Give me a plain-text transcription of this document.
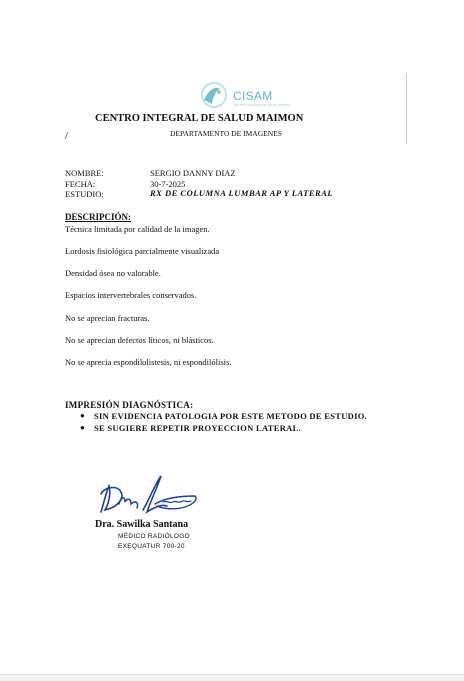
CISAM
CENTRO INTEGRAL DE SALUD MAIMON
CENTRO INTEGRAL DE SALUD MAIMON
/	DEPARTAMENTO DE IMAGENES
NOMBRE:	SERGIO DANNY DIAZ
FECHA:	30-7-2025
ESTUDIO:	RX DE COLUMNA LUMBAR AP Y LATERAL
DESCRIPCIÓN:
Técnica limitada por calidad de la imagen.
Lordosis fisiológica parcialmente visualizada
Densidad ósea no valorable.
Espacios intervertebrales conservados.
No se aprecian fracturas.
No se aprecian defectos líticos, ni blásticos.
No se aprecia espondilolistesis, ni espondilólisis.
IMPRESIÓN DIAGNÓSTICA:
● SIN EVIDENCIA PATOLOGIA POR ESTE METODO DE ESTUDIO.
● SE SUGIERE REPETIR PROYECCION LATERAL.
Dra. Sawilka Santana
MÉDICO RADIÓLOGO
EXEQUATUR 700-20
